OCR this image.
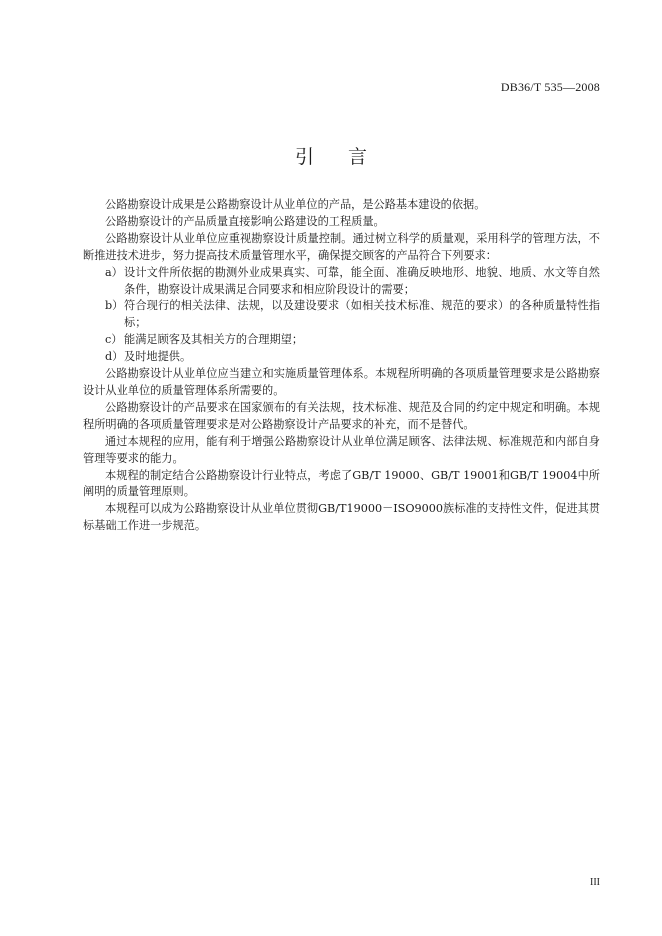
DB36/T 535—2008
引言

公路勘察设计成果是公路勘察设计从业单位的产品，是公路基本建设的依据。

公路勘察设计的产品质量直接影响公路建设的工程质量。

公路勘察设计从业单位应重视勘察设计质量控制。通过树立科学的质量观，采用科学的管理方法，不断推进技术进步，努力提高技术质量管理水平，确保提交顾客的产品符合下列要求：

a） 设计文件所依据的勘测外业成果真实、可靠，能全面、准确反映地形、地貌、地质、水文等自然条件，勘察设计成果满足合同要求和相应阶段设计的需要；
b） 符合现行的相关法律、法规，以及建设要求（如相关技术标准、规范的要求）的各种质量特性指标；
c） 能满足顾客及其相关方的合理期望；
d） 及时地提供。

公路勘察设计从业单位应当建立和实施质量管理体系。本规程所明确的各项质量管理要求是公路勘察设计从业单位的质量管理体系所需要的。

公路勘察设计的产品要求在国家颁布的有关法规，技术标准、规范及合同的约定中规定和明确。本规程所明确的各项质量管理要求是对公路勘察设计产品要求的补充，而不是替代。

通过本规程的应用，能有利于增强公路勘察设计从业单位满足顾客、法律法规、标准规范和内部自身管理等要求的能力。

本规程的制定结合公路勘察设计行业特点，考虑了GB/T 19000、GB/T 19001和GB/T 19004中所阐明的质量管理原则。

本规程可以成为公路勘察设计从业单位贯彻GB/T19000－ISO9000族标准的支持性文件，促进其贯标基础工作进一步规范。

III
